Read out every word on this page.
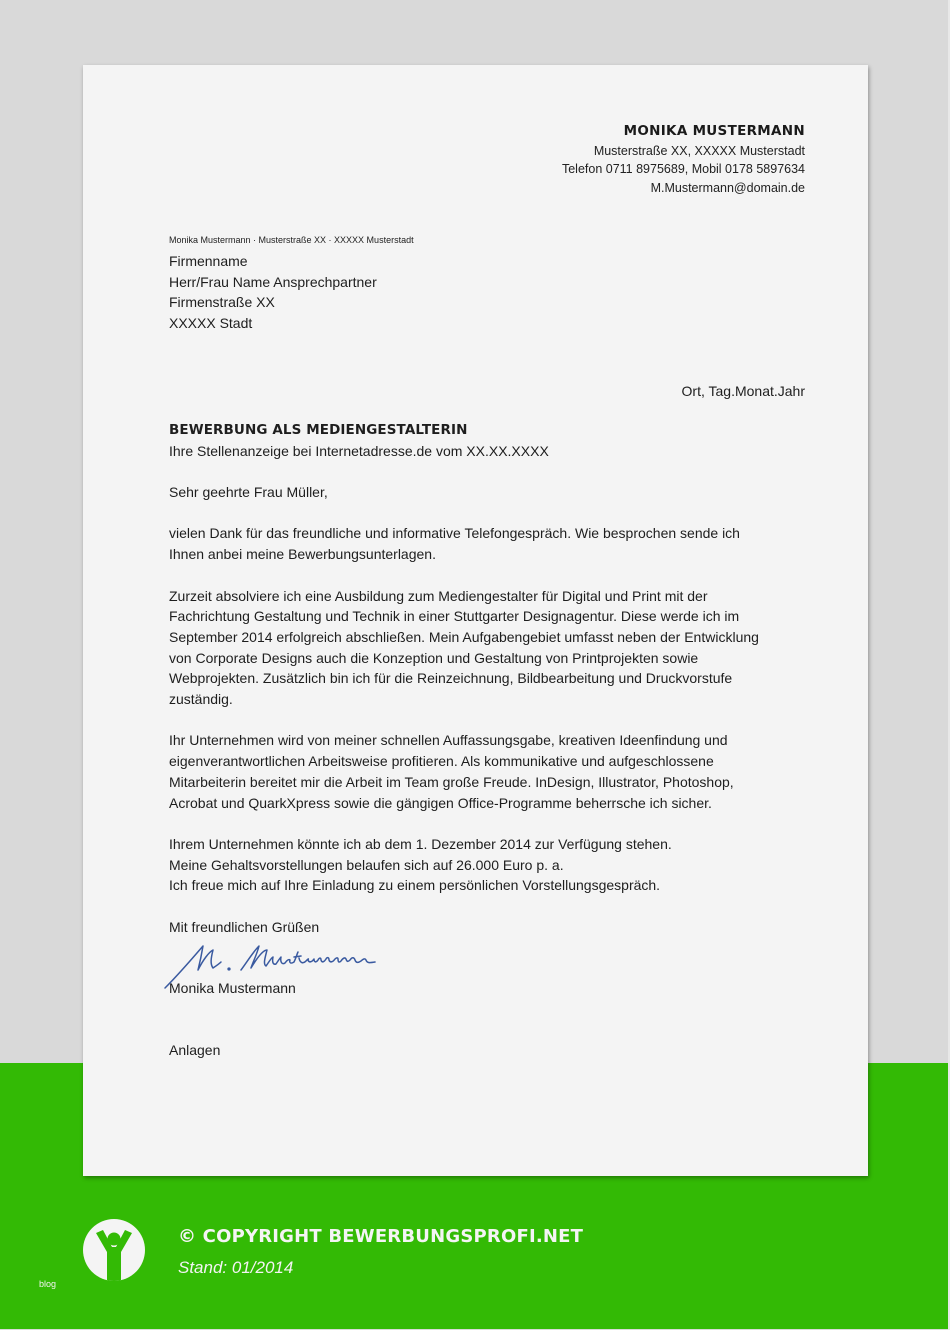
MONIKA MUSTERMANN
Musterstraße XX, XXXXX Musterstadt
Telefon 0711 8975689, Mobil 0178 5897634
M.Mustermann@domain.de
Monika Mustermann · Musterstraße XX · XXXXX Musterstadt
Firmenname
Herr/Frau Name Ansprechpartner
Firmenstraße XX
XXXXX Stadt
Ort, Tag.Monat.Jahr
BEWERBUNG ALS MEDIENGESTALTERIN
Ihre Stellenanzeige bei Internetadresse.de vom XX.XX.XXXX
Sehr geehrte Frau Müller,

vielen Dank für das freundliche und informative Telefongespräch. Wie besprochen sende ich

Ihnen anbei meine Bewerbungsunterlagen.

Zurzeit absolviere ich eine Ausbildung zum Mediengestalter für Digital und Print mit der

Fachrichtung Gestaltung und Technik in einer Stuttgarter Designagentur. Diese werde ich im

September 2014 erfolgreich abschließen. Mein Aufgabengebiet umfasst neben der Entwicklung

von Corporate Designs auch die Konzeption und Gestaltung von Printprojekten sowie

Webprojekten. Zusätzlich bin ich für die Reinzeichnung, Bildbearbeitung und Druckvorstufe

zuständig.

Ihr Unternehmen wird von meiner schnellen Auffassungsgabe, kreativen Ideenfindung und

eigenverantwortlichen Arbeitsweise profitieren. Als kommunikative und aufgeschlossene

Mitarbeiterin bereitet mir die Arbeit im Team große Freude. InDesign, Illustrator, Photoshop,

Acrobat und QuarkXpress sowie die gängigen Office-Programme beherrsche ich sicher.

Ihrem Unternehmen könnte ich ab dem 1. Dezember 2014 zur Verfügung stehen.

Meine Gehaltsvorstellungen belaufen sich auf 26.000 Euro p. a.

Ich freue mich auf Ihre Einladung zu einem persönlichen Vorstellungsgespräch.

Mit freundlichen Grüßen
Monika Mustermann
Anlagen
© COPYRIGHT BEWERBUNGSPROFI.NET
Stand: 01/2014
blog
